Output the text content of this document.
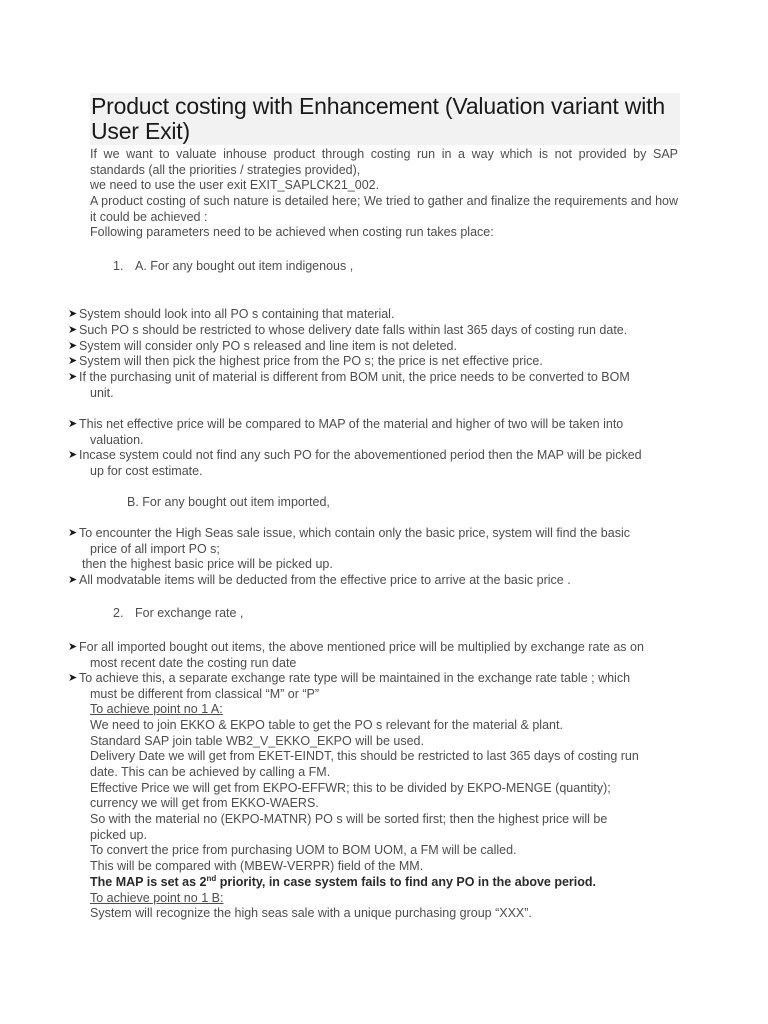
Product costing with Enhancement (Valuation variant with
User Exit)
If we want to valuate inhouse product through costing run in a way which is not provided by SAP standards (all the priorities / strategies provided),
we need to use the user exit EXIT_SAPLCK21_002.
A product costing of such nature is detailed here; We tried to gather and finalize the requirements and how it could be achieved :
Following parameters need to be achieved when costing run takes place:
1. A. For any bought out item indigenous ,
➤ System should look into all PO s containing that material.
➤ Such PO s should be restricted to whose delivery date falls within last 365 days of costing run date.
➤ System will consider only PO s released and line item is not deleted.
➤ System will then pick the highest price from the PO s; the price is net effective price.
➤ If the purchasing unit of material is different from BOM unit, the price needs to be converted to BOM
unit.
➤ This net effective price will be compared to MAP of the material and higher of two will be taken into
valuation.
➤ Incase system could not find any such PO for the abovementioned period then the MAP will be picked
up for cost estimate.
B. For any bought out item imported,
➤ To encounter the High Seas sale issue, which contain only the basic price, system will find the basic
price of all import PO s;
then the highest basic price will be picked up.
➤ All modvatable items will be deducted from the effective price to arrive at the basic price .
2. For exchange rate ,
➤ For all imported bought out items, the above mentioned price will be multiplied by exchange rate as on
most recent date the costing run date
➤ To achieve this, a separate exchange rate type will be maintained in the exchange rate table ; which
must be different from classical “M” or “P”
To achieve point no 1 A:
We need to join EKKO & EKPO table to get the PO s relevant for the material & plant.
Standard SAP join table WB2_V_EKKO_EKPO will be used.
Delivery Date we will get from EKET-EINDT, this should be restricted to last 365 days of costing run
date. This can be achieved by calling a FM.
Effective Price we will get from EKPO-EFFWR; this to be divided by EKPO-MENGE (quantity);
currency we will get from EKKO-WAERS.
So with the material no (EKPO-MATNR) PO s will be sorted first; then the highest price will be
picked up.
To convert the price from purchasing UOM to BOM UOM, a FM will be called.
This will be compared with (MBEW-VERPR) field of the MM.
The MAP is set as 2nd priority, in case system fails to find any PO in the above period.
To achieve point no 1 B:
System will recognize the high seas sale with a unique purchasing group “XXX”.
